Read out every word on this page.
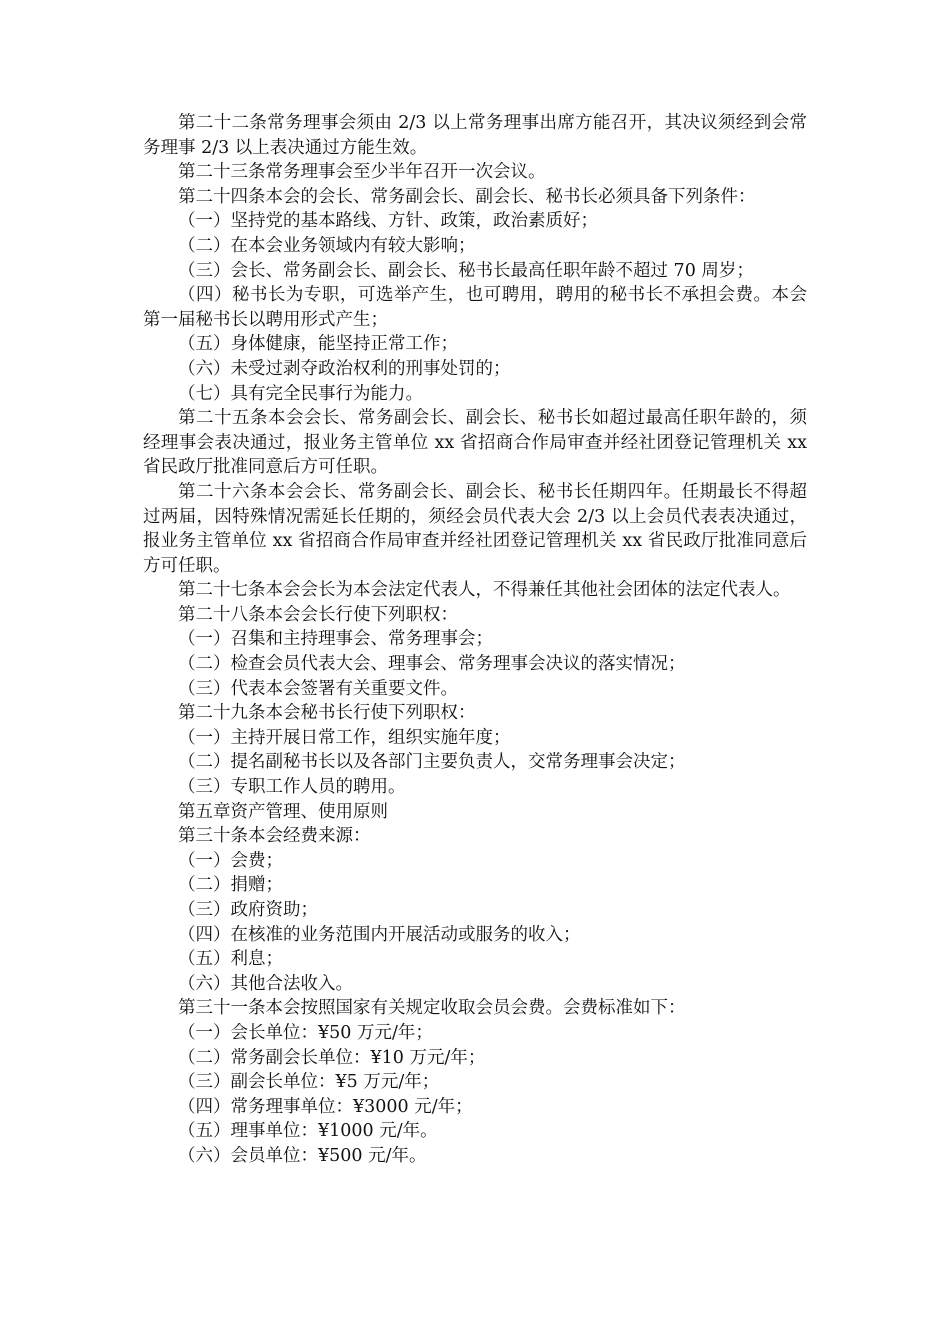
第二十二条常务理事会须由 2/3 以上常务理事出席方能召开，其决议须经到会常务理事 2/3 以上表决通过方能生效。

第二十三条常务理事会至少半年召开一次会议。

第二十四条本会的会长、常务副会长、副会长、秘书长必须具备下列条件：

（一）坚持党的基本路线、方针、政策，政治素质好；

（二）在本会业务领域内有较大影响；

（三）会长、常务副会长、副会长、秘书长最高任职年龄不超过 70 周岁；

（四）秘书长为专职，可选举产生，也可聘用，聘用的秘书长不承担会费。本会第一届秘书长以聘用形式产生；

（五）身体健康，能坚持正常工作；

（六）未受过剥夺政治权利的刑事处罚的；

（七）具有完全民事行为能力。

第二十五条本会会长、常务副会长、副会长、秘书长如超过最高任职年龄的，须经理事会表决通过，报业务主管单位 xx 省招商合作局审查并经社团登记管理机关 xx 省民政厅批准同意后方可任职。

第二十六条本会会长、常务副会长、副会长、秘书长任期四年。任期最长不得超过两届，因特殊情况需延长任期的，须经会员代表大会 2/3 以上会员代表表决通过，报业务主管单位 xx 省招商合作局审查并经社团登记管理机关 xx 省民政厅批准同意后方可任职。

第二十七条本会会长为本会法定代表人，不得兼任其他社会团体的法定代表人。

第二十八条本会会长行使下列职权：

（一）召集和主持理事会、常务理事会；

（二）检查会员代表大会、理事会、常务理事会决议的落实情况；

（三）代表本会签署有关重要文件。

第二十九条本会秘书长行使下列职权：

（一）主持开展日常工作，组织实施年度；

（二）提名副秘书长以及各部门主要负责人，交常务理事会决定；

（三）专职工作人员的聘用。

第五章资产管理、使用原则

第三十条本会经费来源：

（一）会费；

（二）捐赠；

（三）政府资助；

（四）在核准的业务范围内开展活动或服务的收入；

（五）利息；

（六）其他合法收入。

第三十一条本会按照国家有关规定收取会员会费。会费标准如下：

（一）会长单位：¥50 万元/年；

（二）常务副会长单位：¥10 万元/年；

（三）副会长单位：¥5 万元/年；

（四）常务理事单位：¥3000 元/年；

（五）理事单位：¥1000 元/年。

（六）会员单位：¥500 元/年。
